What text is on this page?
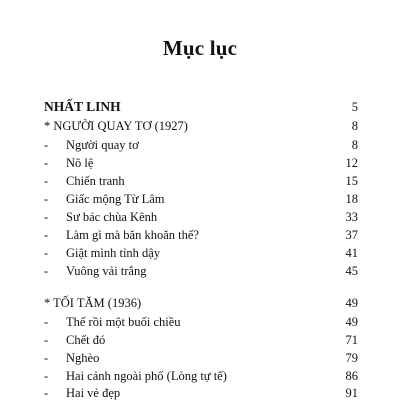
Mục lục
NHẤT LINH	5
* NGƯỜI QUAY TƠ (1927)	8
- Người quay tơ	8
- Nô lệ	12
- Chiến tranh	15
- Giấc mộng Từ Lâm	18
- Sư bác chùa Kênh	33
- Làm gì mà băn khoăn thế?	37
- Giật mình tỉnh dậy	41
- Vuông vải trắng	45
* TỐI TĂM (1936)	49
- Thế rồi một buổi chiều	49
- Chết đó	71
- Nghèo	79
- Hai cảnh ngoài phố (Lòng tự tế)	86
- Hai vẻ đẹp	91
